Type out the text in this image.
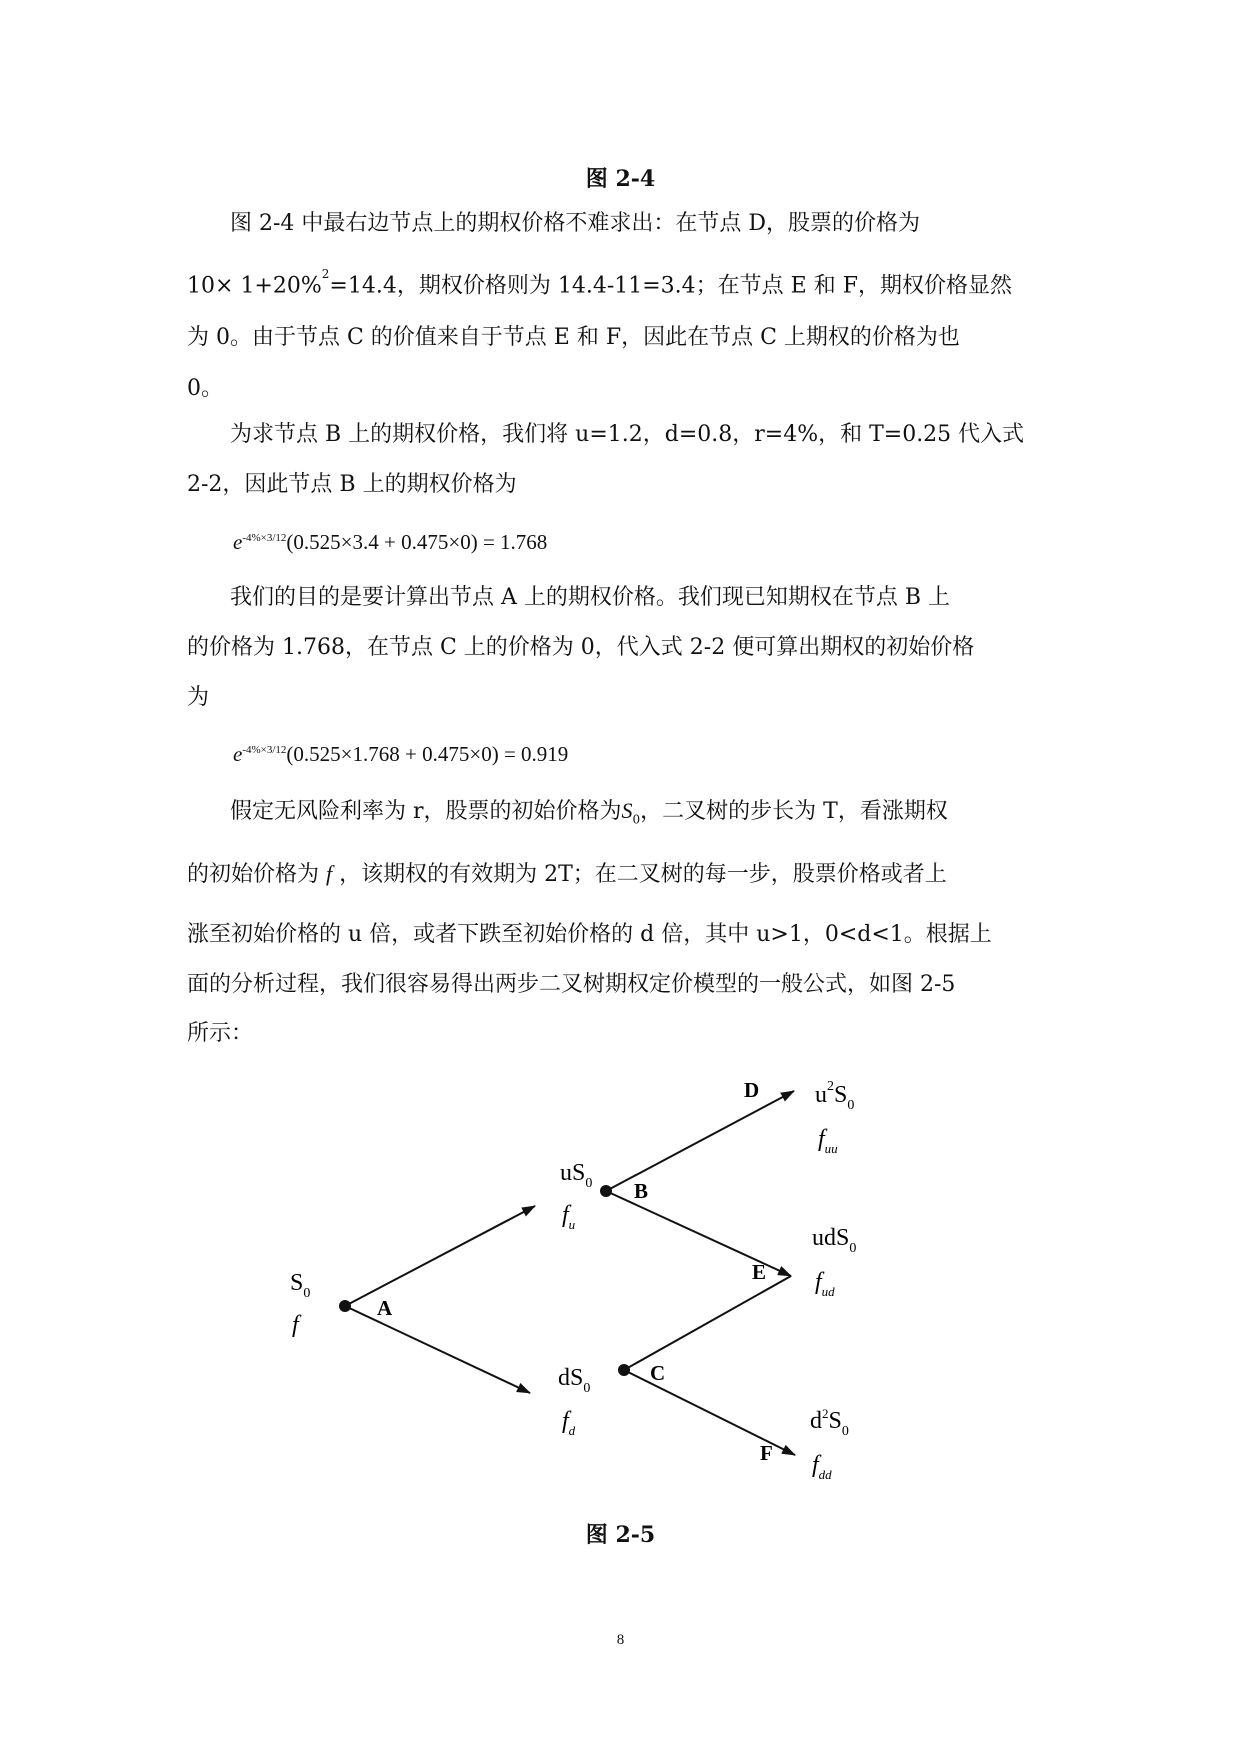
图 2-4
图 2-4 中最右边节点上的期权价格不难求出：在节点 D，股票的价格为
10× 1+20%$^2$=14.4，期权价格则为 14.4-11=3.4；在节点 E 和 F，期权价格显然
为 0。由于节点 C 的价值来自于节点 E 和 F，因此在节点 C 上期权的价格为也
0。
为求节点 B 上的期权价格，我们将 u=1.2，d=0.8，r=4%，和 T=0.25 代入式
2-2，因此节点 B 上的期权价格为
$e^{-4\%\times 3/12}(0.525\times 3.4 + 0.475\times 0) = 1.768$
我们的目的是要计算出节点 A 上的期权价格。我们现已知期权在节点 B 上
的价格为 1.768，在节点 C 上的价格为 0，代入式 2-2 便可算出期权的初始价格
为
$e^{-4\%\times 3/12}(0.525\times 1.768 + 0.475\times 0) = 0.919$
假定无风险利率为 r，股票的初始价格为$S_0$，二叉树的步长为 T，看涨期权
的初始价格为 f ，该期权的有效期为 2T；在二叉树的每一步，股票价格或者上
涨至初始价格的 u 倍，或者下跌至初始价格的 d 倍，其中 u>1，0<d<1。根据上
面的分析过程，我们很容易得出两步二叉树期权定价模型的一般公式，如图 2-5
所示：
A
B
C
D
E
F
$S_0$
f
$uS_0$
$f_u$
$dS_0$
$f_d$
$u^2S_0$
$f_{uu}$
udS$_0$
$f_{ud}$
$d^2S_0$
$f_{dd}$
图 2-5
8
